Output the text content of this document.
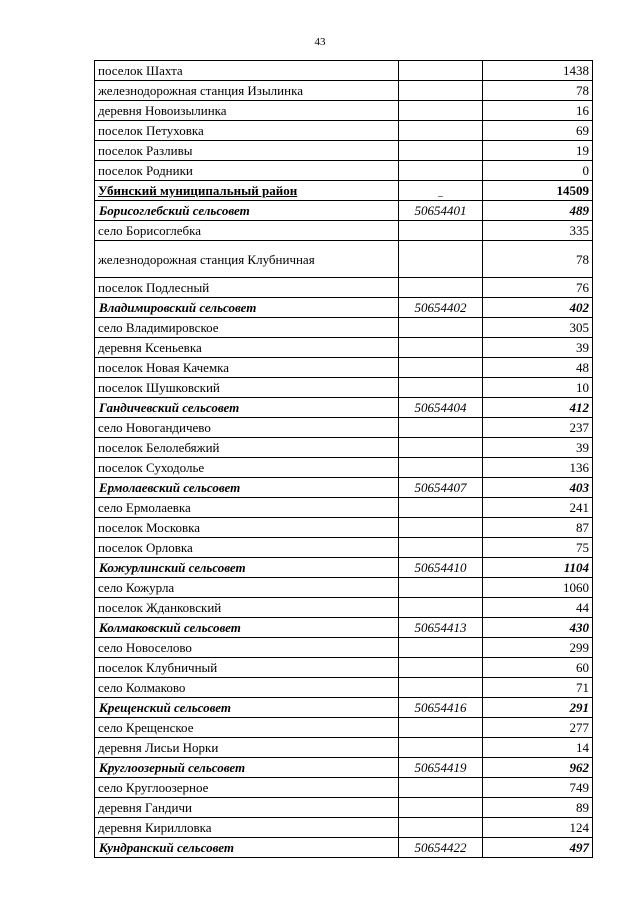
43
поселок Шахта		1438
железнодорожная станция Изылинка		78
деревня Новоизылинка		16
поселок Петуховка		69
поселок Разливы		19
поселок Родники		0
Убинский муниципальный район	_	14509
Борисоглебский сельсовет	50654401	489
село Борисоглебка		335

железнодорожная станция Клубничная		78
поселок Подлесный		76
Владимировский сельсовет	50654402	402
село Владимировское		305
деревня Ксеньевка		39
поселок Новая Качемка		48
поселок Шушковский		10
Гандичевский сельсовет	50654404	412
село Новогандичево		237
поселок Белолебяжий		39
поселок Суходолье		136
Ермолаевский сельсовет	50654407	403
село Ермолаевка		241
поселок Московка		87
поселок Орловка		75
Кожурлинский сельсовет	50654410	1104
село Кожурла		1060
поселок Жданковский		44
Колмаковский сельсовет	50654413	430
село Новоселово		299
поселок Клубничный		60
село Колмаково		71
Крещенский сельсовет	50654416	291
село Крещенское		277
деревня Лисьи Норки		14
Круглоозерный сельсовет	50654419	962
село Круглоозерное		749
деревня Гандичи		89
деревня Кирилловка		124
Кундранский сельсовет	50654422	497
